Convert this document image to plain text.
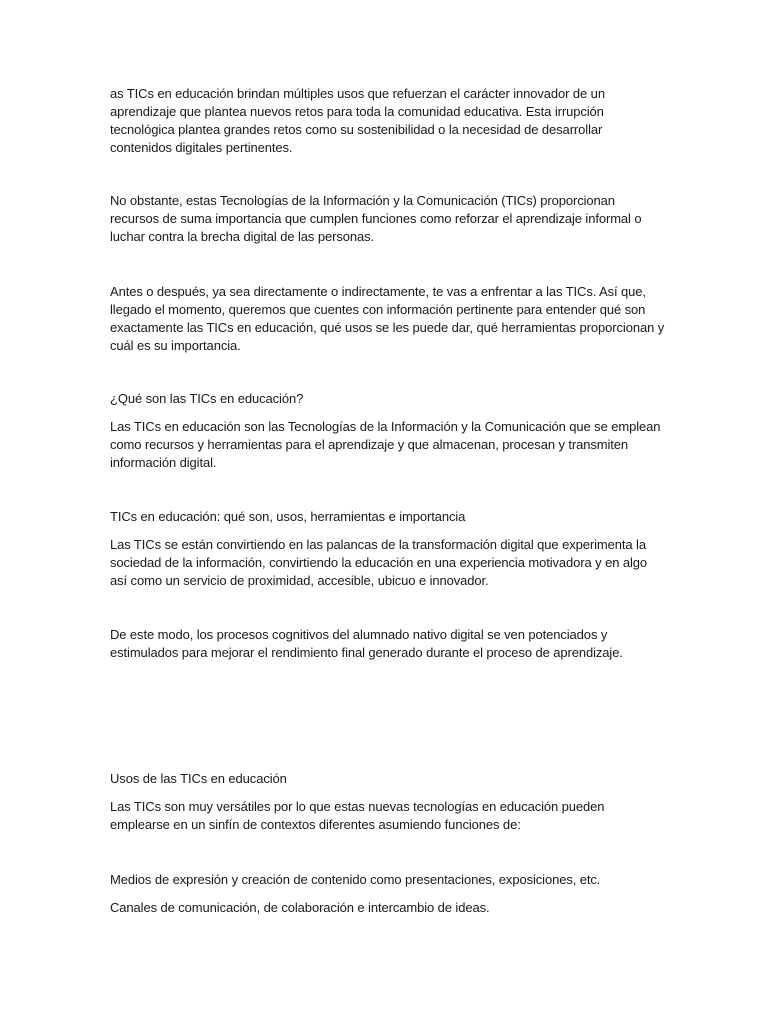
as TICs en educación brindan múltiples usos que refuerzan el carácter innovador de un aprendizaje que plantea nuevos retos para toda la comunidad educativa. Esta irrupción tecnológica plantea grandes retos como su sostenibilidad o la necesidad de desarrollar contenidos digitales pertinentes.

No obstante, estas Tecnologías de la Información y la Comunicación (TICs) proporcionan recursos de suma importancia que cumplen funciones como reforzar el aprendizaje informal o luchar contra la brecha digital de las personas.

Antes o después, ya sea directamente o indirectamente, te vas a enfrentar a las TICs. Así que, llegado el momento, queremos que cuentes con información pertinente para entender qué son exactamente las TICs en educación, qué usos se les puede dar, qué herramientas proporcionan y cuál es su importancia.

¿Qué son las TICs en educación?

Las TICs en educación son las Tecnologías de la Información y la Comunicación que se emplean como recursos y herramientas para el aprendizaje y que almacenan, procesan y transmiten información digital.

TICs en educación: qué son, usos, herramientas e importancia

Las TICs se están convirtiendo en las palancas de la transformación digital que experimenta la sociedad de la información, convirtiendo la educación en una experiencia motivadora y en algo así como un servicio de proximidad, accesible, ubicuo e innovador.

De este modo, los procesos cognitivos del alumnado nativo digital se ven potenciados y estimulados para mejorar el rendimiento final generado durante el proceso de aprendizaje.

Usos de las TICs en educación

Las TICs son muy versátiles por lo que estas nuevas tecnologías en educación pueden emplearse en un sinfín de contextos diferentes asumiendo funciones de:

Medios de expresión y creación de contenido como presentaciones, exposiciones, etc.

Canales de comunicación, de colaboración e intercambio de ideas.
